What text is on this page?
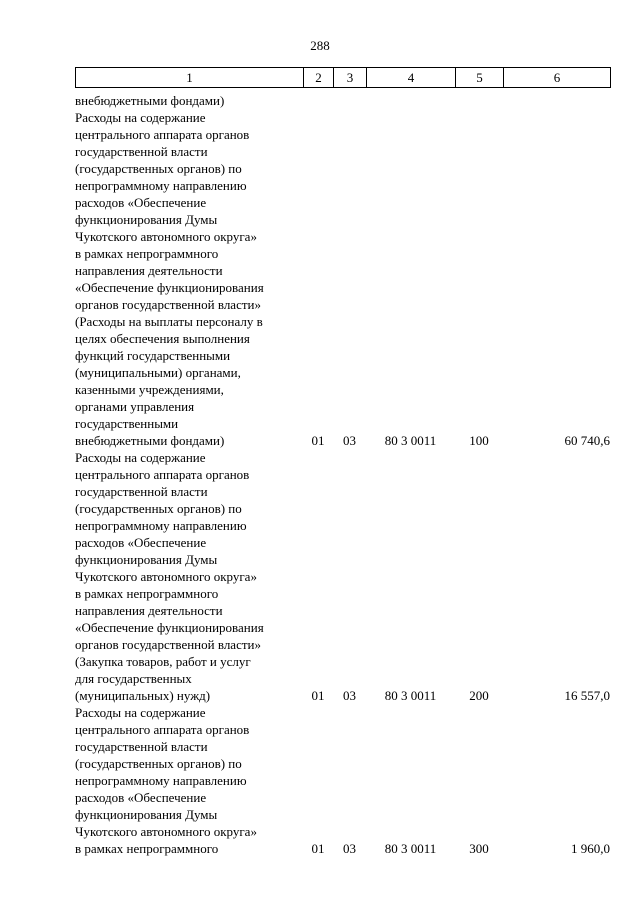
288
1	2	3	4	5	6
внебюджетными фондами)
Расходы на содержание
центрального аппарата органов
государственной власти
(государственных органов) по
непрограммному направлению
расходов «Обеспечение
функционирования Думы
Чукотского автономного округа»
в рамках непрограммного
направления деятельности
«Обеспечение функционирования
органов государственной власти»
(Расходы на выплаты персоналу в
целях обеспечения выполнения
функций государственными
(муниципальными) органами,
казенными учреждениями,
органами управления
государственными
внебюджетными фондами)	01	03	80 3 0011	100	60 740,6
Расходы на содержание
центрального аппарата органов
государственной власти
(государственных органов) по
непрограммному направлению
расходов «Обеспечение
функционирования Думы
Чукотского автономного округа»
в рамках непрограммного
направления деятельности
«Обеспечение функционирования
органов государственной власти»
(Закупка товаров, работ и услуг
для государственных
(муниципальных) нужд)	01	03	80 3 0011	200	16 557,0
Расходы на содержание
центрального аппарата органов
государственной власти
(государственных органов) по
непрограммному направлению
расходов «Обеспечение
функционирования Думы
Чукотского автономного округа»
в рамках непрограммного	01	03	80 3 0011	300	1 960,0
